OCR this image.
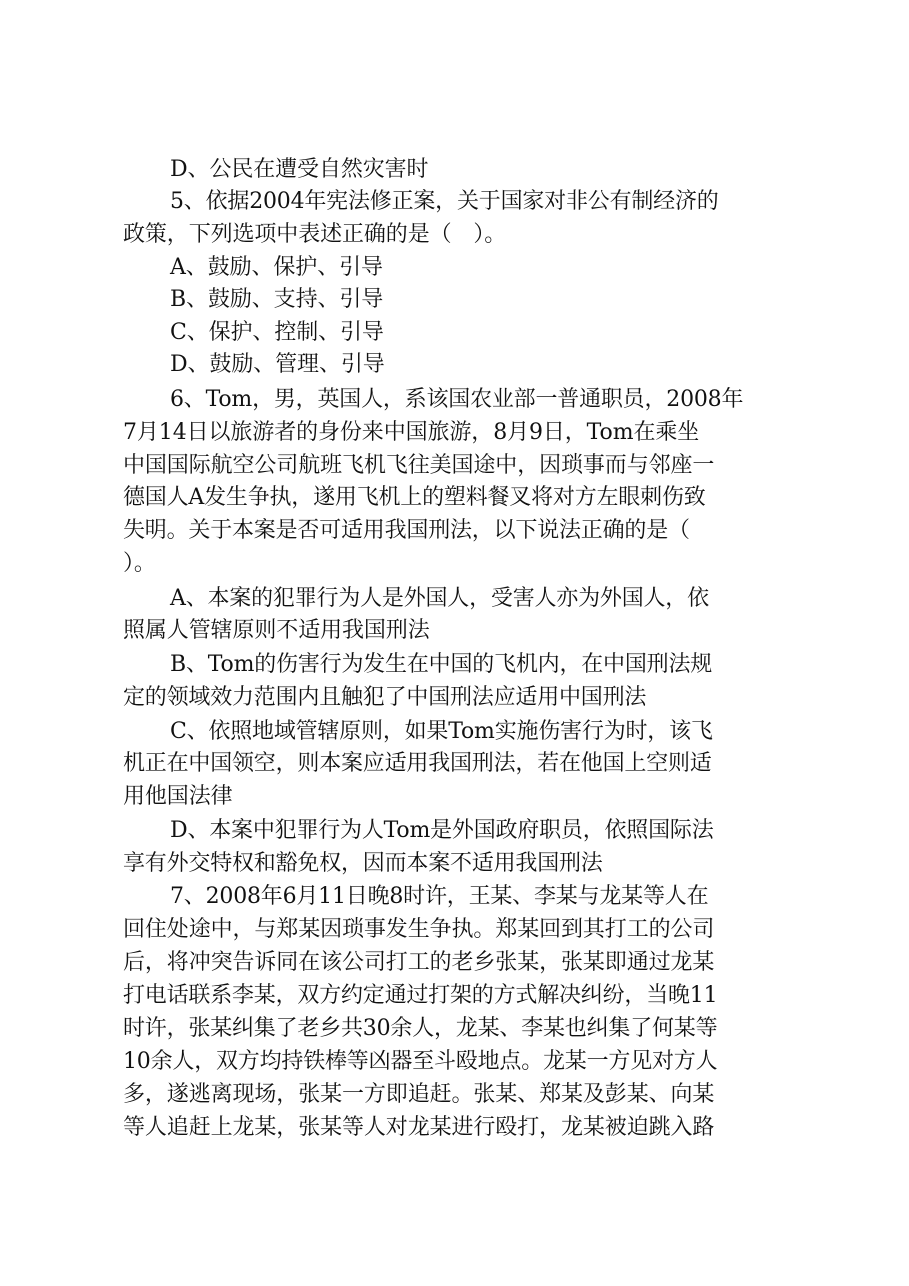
D、公民在遭受自然灾害时
5、依据2004年宪法修正案，关于国家对非公有制经济的
政策，下列选项中表述正确的是（　）。
A、鼓励、保护、引导
B、鼓励、支持、引导
C、保护、控制、引导
D、鼓励、管理、引导
6、Tom，男，英国人，系该国农业部一普通职员，2008年
7月14日以旅游者的身份来中国旅游，8月9日，Tom在乘坐
中国国际航空公司航班飞机飞往美国途中，因琐事而与邻座一
德国人A发生争执，遂用飞机上的塑料餐叉将对方左眼刺伤致
失明。关于本案是否可适用我国刑法，以下说法正确的是（
）。
A、本案的犯罪行为人是外国人，受害人亦为外国人，依
照属人管辖原则不适用我国刑法
B、Tom的伤害行为发生在中国的飞机内，在中国刑法规
定的领域效力范围内且触犯了中国刑法应适用中国刑法
C、依照地域管辖原则，如果Tom实施伤害行为时，该飞
机正在中国领空，则本案应适用我国刑法，若在他国上空则适
用他国法律
D、本案中犯罪行为人Tom是外国政府职员，依照国际法
享有外交特权和豁免权，因而本案不适用我国刑法
7、2008年6月11日晚8时许，王某、李某与龙某等人在
回住处途中，与郑某因琐事发生争执。郑某回到其打工的公司
后，将冲突告诉同在该公司打工的老乡张某，张某即通过龙某
打电话联系李某，双方约定通过打架的方式解决纠纷，当晚11
时许，张某纠集了老乡共30余人，龙某、李某也纠集了何某等
10余人，双方均持铁棒等凶器至斗殴地点。龙某一方见对方人
多，遂逃离现场，张某一方即追赶。张某、郑某及彭某、向某
等人追赶上龙某，张某等人对龙某进行殴打，龙某被迫跳入路
